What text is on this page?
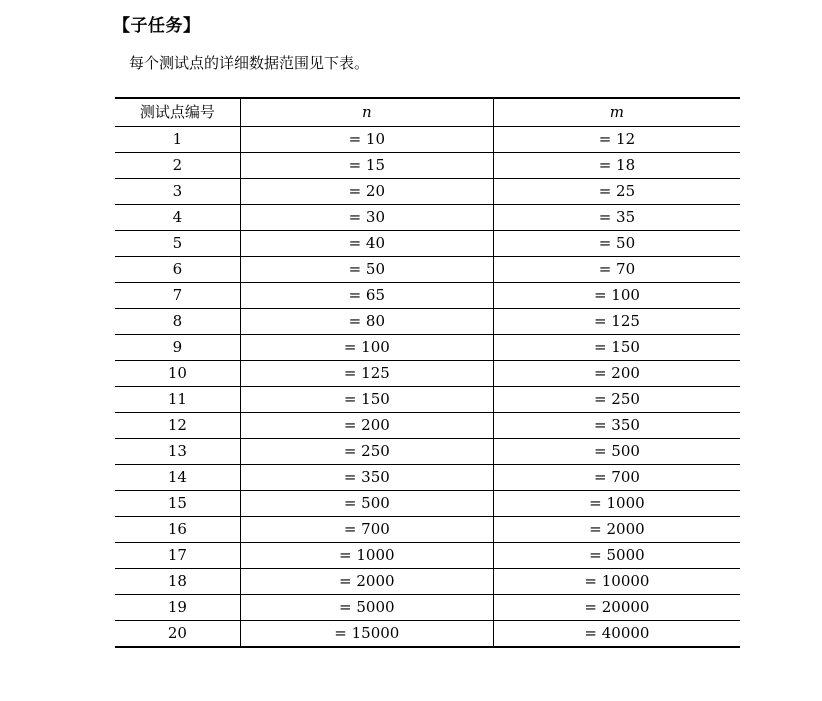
【子任务】
每个测试点的详细数据范围见下表。
测试点编号	n	m
1	= 10	= 12
2	= 15	= 18
3	= 20	= 25
4	= 30	= 35
5	= 40	= 50
6	= 50	= 70
7	= 65	= 100
8	= 80	= 125
9	= 100	= 150
10	= 125	= 200
11	= 150	= 250
12	= 200	= 350
13	= 250	= 500
14	= 350	= 700
15	= 500	= 1000
16	= 700	= 2000
17	= 1000	= 5000
18	= 2000	= 10000
19	= 5000	= 20000
20	= 15000	= 40000
